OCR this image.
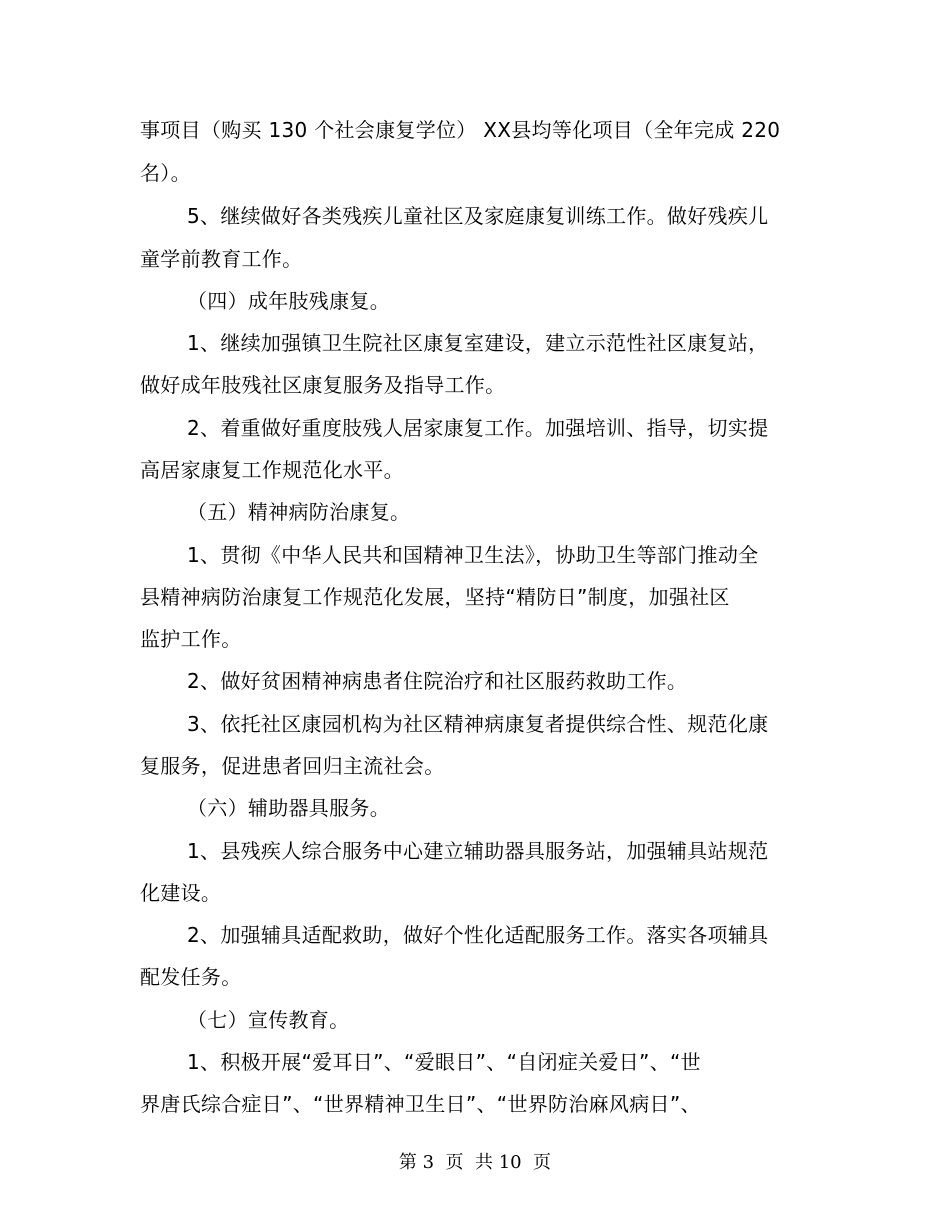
事项目（购买 130 个社会康复学位） XX县均等化项目（全年完成 220
名）。
5、继续做好各类残疾儿童社区及家庭康复训练工作。做好残疾儿
童学前教育工作。
（四）成年肢残康复。
1、继续加强镇卫生院社区康复室建设，建立示范性社区康复站，
做好成年肢残社区康复服务及指导工作。
2、着重做好重度肢残人居家康复工作。加强培训、指导，切实提
高居家康复工作规范化水平。
（五）精神病防治康复。
1、贯彻《中华人民共和国精神卫生法》，协助卫生等部门推动全
县精神病防治康复工作规范化发展，坚持“精防日”制度，加强社区
监护工作。
2、做好贫困精神病患者住院治疗和社区服药救助工作。
3、依托社区康园机构为社区精神病康复者提供综合性、规范化康
复服务，促进患者回归主流社会。
（六）辅助器具服务。
1、县残疾人综合服务中心建立辅助器具服务站，加强辅具站规范
化建设。
2、加强辅具适配救助，做好个性化适配服务工作。落实各项辅具
配发任务。
（七）宣传教育。
1、积极开展“爱耳日”、“爱眼日”、“自闭症关爱日”、“世
界唐氏综合症日”、“世界精神卫生日”、“世界防治麻风病日”、
第 3  页  共 10  页
